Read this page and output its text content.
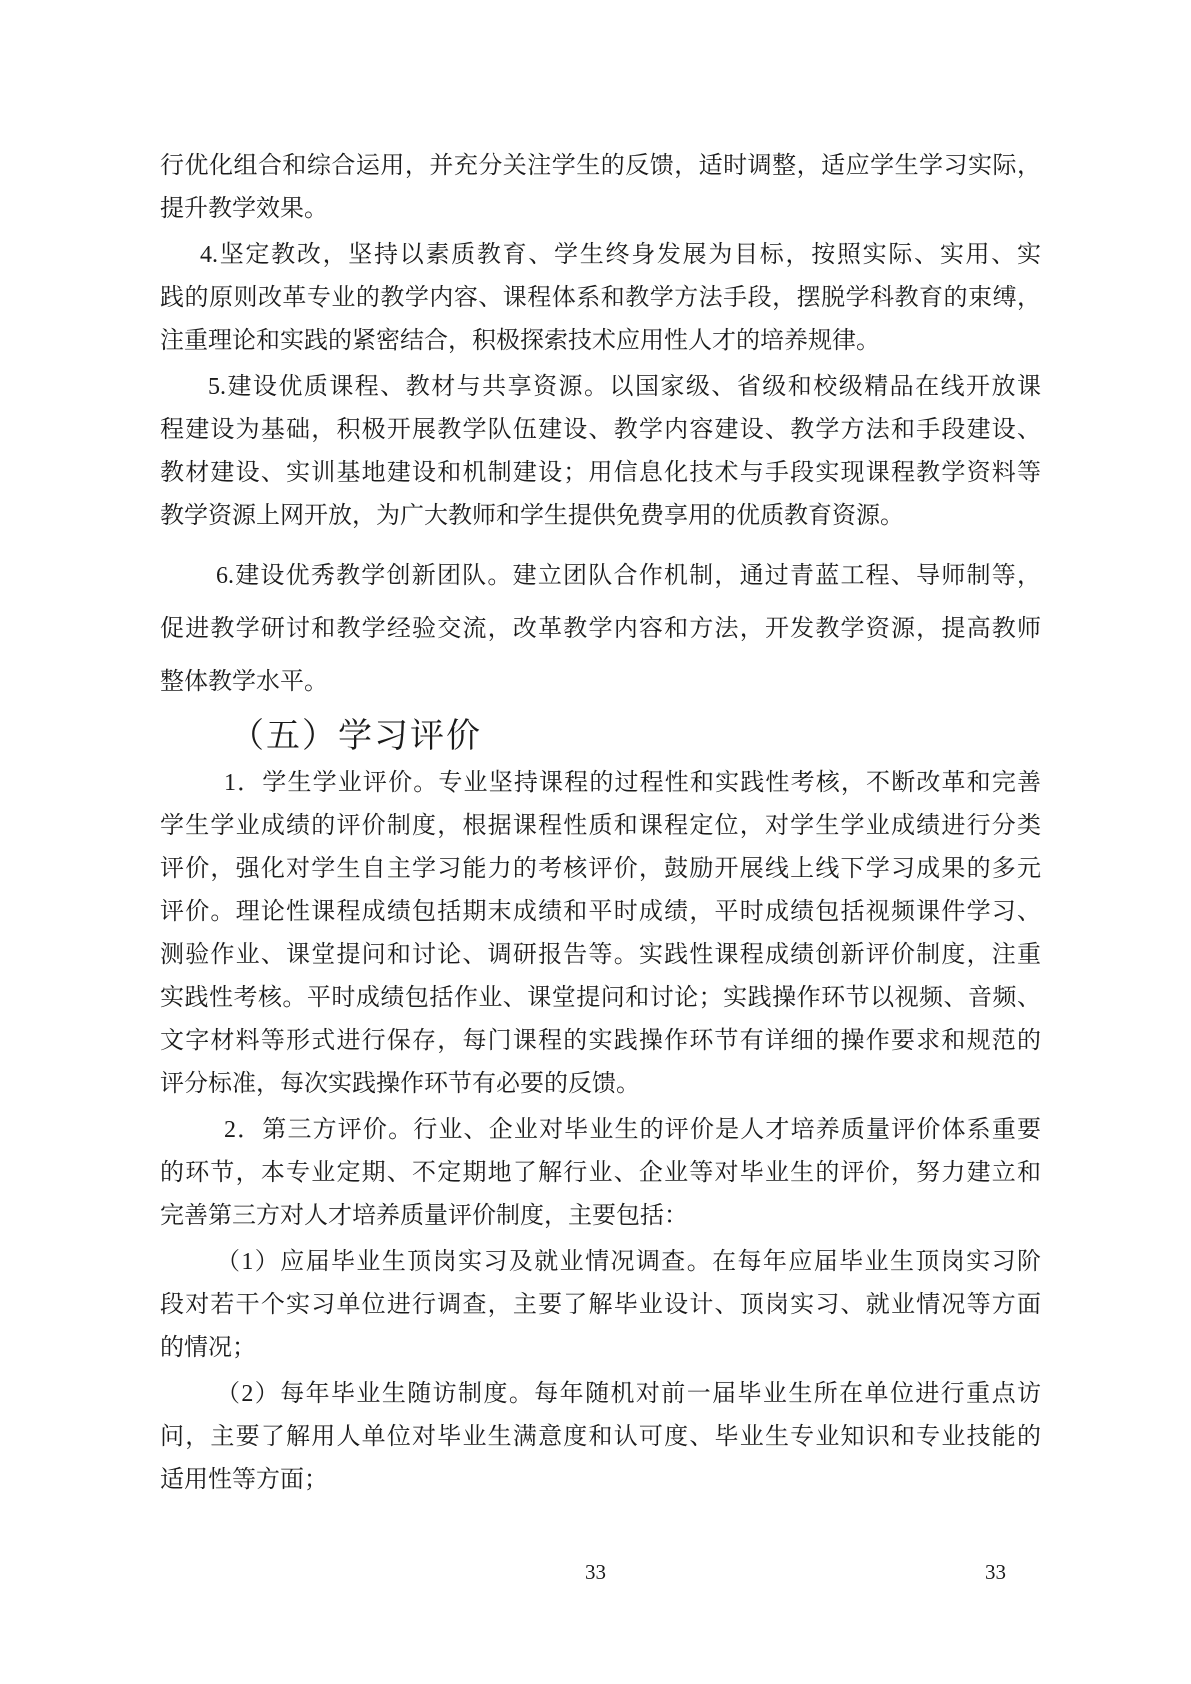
行优化组合和综合运用，并充分关注学生的反馈，适时调整，适应学生学习实际，
提升教学效果。
4.坚定教改，坚持以素质教育、学生终身发展为目标，按照实际、实用、实
践的原则改革专业的教学内容、课程体系和教学方法手段，摆脱学科教育的束缚，
注重理论和实践的紧密结合，积极探索技术应用性人才的培养规律。
5.建设优质课程、教材与共享资源。以国家级、省级和校级精品在线开放课
程建设为基础，积极开展教学队伍建设、教学内容建设、教学方法和手段建设、
教材建设、实训基地建设和机制建设；用信息化技术与手段实现课程教学资料等
教学资源上网开放，为广大教师和学生提供免费享用的优质教育资源。
6.建设优秀教学创新团队。建立团队合作机制，通过青蓝工程、导师制等，
促进教学研讨和教学经验交流，改革教学内容和方法，开发教学资源，提高教师
整体教学水平。
（五）学习评价
1．学生学业评价。专业坚持课程的过程性和实践性考核，不断改革和完善
学生学业成绩的评价制度，根据课程性质和课程定位，对学生学业成绩进行分类
评价，强化对学生自主学习能力的考核评价，鼓励开展线上线下学习成果的多元
评价。理论性课程成绩包括期末成绩和平时成绩，平时成绩包括视频课件学习、
测验作业、课堂提问和讨论、调研报告等。实践性课程成绩创新评价制度，注重
实践性考核。平时成绩包括作业、课堂提问和讨论；实践操作环节以视频、音频、
文字材料等形式进行保存，每门课程的实践操作环节有详细的操作要求和规范的
评分标准，每次实践操作环节有必要的反馈。
2．第三方评价。行业、企业对毕业生的评价是人才培养质量评价体系重要
的环节，本专业定期、不定期地了解行业、企业等对毕业生的评价，努力建立和
完善第三方对人才培养质量评价制度，主要包括：
（1）应届毕业生顶岗实习及就业情况调查。在每年应届毕业生顶岗实习阶
段对若干个实习单位进行调查，主要了解毕业设计、顶岗实习、就业情况等方面
的情况；
（2）每年毕业生随访制度。每年随机对前一届毕业生所在单位进行重点访
问，主要了解用人单位对毕业生满意度和认可度、毕业生专业知识和专业技能的
适用性等方面；
33	33
